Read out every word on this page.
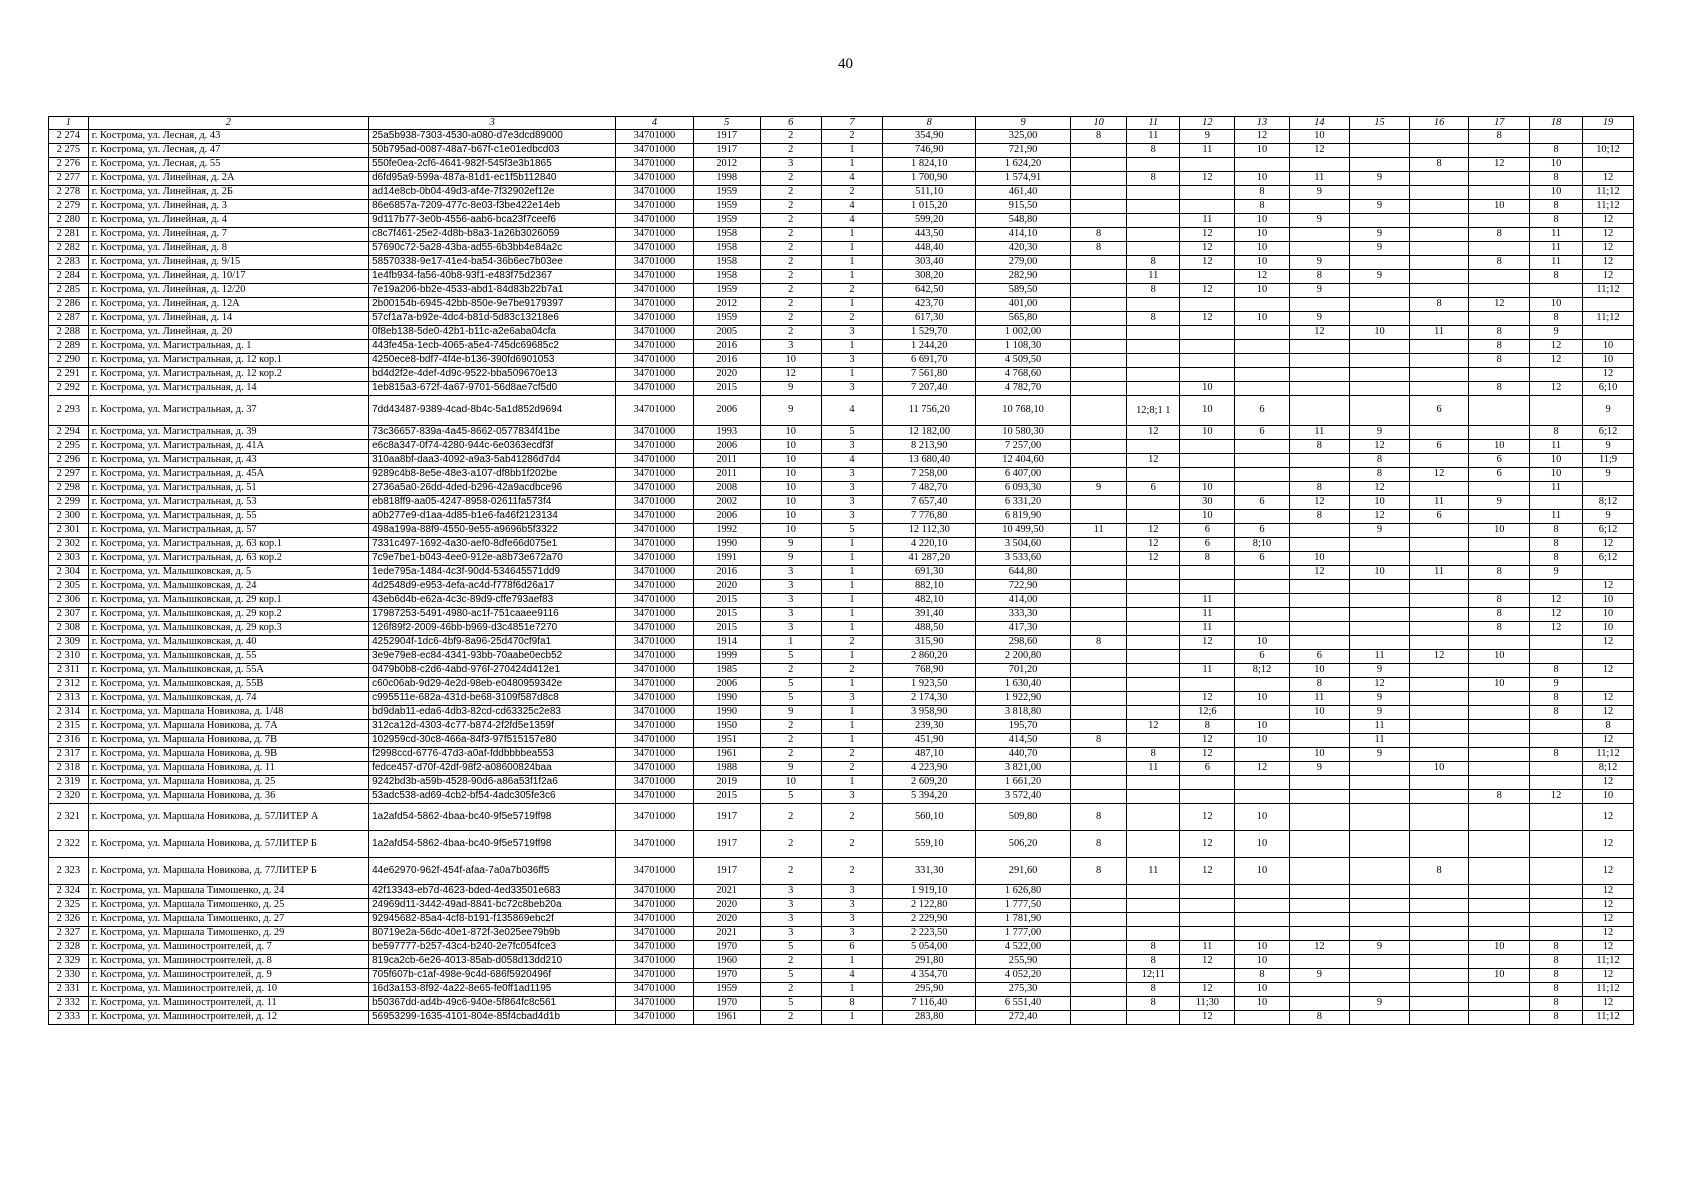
40
1	2	3	4	5	6	7	8	9	10	11	12	13	14	15	16	17	18	19
2 274	г. Кострома, ул. Лесная, д. 43	25a5b938-7303-4530-a080-d7e3dcd89000	34701000	1917	2	2	354,90	325,00	8	11	9	12	10			8		
2 275	г. Кострома, ул. Лесная, д. 47	50b795ad-0087-48a7-b67f-c1e01edbcd03	34701000	1917	2	1	746,90	721,90		8	11	10	12				8	10;12
2 276	г. Кострома, ул. Лесная, д. 55	550fe0ea-2cf6-4641-982f-545f3e3b1865	34701000	2012	3	1	1 824,10	1 624,20							8	12	10	
2 277	г. Кострома, ул. Линейная, д. 2А	d6fd95a9-599a-487a-81d1-ec1f5b112840	34701000	1998	2	4	1 700,90	1 574,91		8	12	10	11	9			8	12
2 278	г. Кострома, ул. Линейная, д. 2Б	ad14e8cb-0b04-49d3-af4e-7f32902ef12e	34701000	1959	2	2	511,10	461,40				8	9				10	11;12
2 279	г. Кострома, ул. Линейная, д. 3	86e6857a-7209-477c-8e03-f3be422e14eb	34701000	1959	2	4	1 015,20	915,50				8		9		10	8	11;12
2 280	г. Кострома, ул. Линейная, д. 4	9d117b77-3e0b-4556-aab6-bca23f7ceef6	34701000	1959	2	4	599,20	548,80			11	10	9				8	12
2 281	г. Кострома, ул. Линейная, д. 7	c8c7f461-25e2-4d8b-b8a3-1a26b3026059	34701000	1958	2	1	443,50	414,10	8		12	10		9		8	11	12
2 282	г. Кострома, ул. Линейная, д. 8	57690c72-5a28-43ba-ad55-6b3bb4e84a2c	34701000	1958	2	1	448,40	420,30	8		12	10		9			11	12
2 283	г. Кострома, ул. Линейная, д. 9/15	58570338-9e17-41e4-ba54-36b6ec7b03ee	34701000	1958	2	1	303,40	279,00		8	12	10	9			8	11	12
2 284	г. Кострома, ул. Линейная, д. 10/17	1e4fb934-fa56-40b8-93f1-e483f75d2367	34701000	1958	2	1	308,20	282,90		11		12	8	9			8	12
2 285	г. Кострома, ул. Линейная, д. 12/20	7e19a206-bb2e-4533-abd1-84d83b22b7a1	34701000	1959	2	2	642,50	589,50		8	12	10	9					11;12
2 286	г. Кострома, ул. Линейная, д. 12А	2b00154b-6945-42bb-850e-9e7be9179397	34701000	2012	2	1	423,70	401,00							8	12	10	
2 287	г. Кострома, ул. Линейная, д. 14	57cf1a7a-b92e-4dc4-b81d-5d83c13218e6	34701000	1959	2	2	617,30	565,80		8	12	10	9				8	11;12
2 288	г. Кострома, ул. Линейная, д. 20	0f8eb138-5de0-42b1-b11c-a2e6aba04cfa	34701000	2005	2	3	1 529,70	1 002,00					12	10	11	8	9	
2 289	г. Кострома, ул. Магистральная, д. 1	443fe45a-1ecb-4065-a5e4-745dc69685c2	34701000	2016	3	1	1 244,20	1 108,30								8	12	10
2 290	г. Кострома, ул. Магистральная, д. 12 кор.1	4250ece8-bdf7-4f4e-b136-390fd6901053	34701000	2016	10	3	6 691,70	4 509,50								8	12	10
2 291	г. Кострома, ул. Магистральная, д. 12 кор.2	bd4d2f2e-4def-4d9c-9522-bba509670e13	34701000	2020	12	1	7 561,80	4 768,60										12
2 292	г. Кострома, ул. Магистральная, д. 14	1eb815a3-672f-4a67-9701-56d8ae7cf5d0	34701000	2015	9	3	7 207,40	4 782,70			10					8	12	6;10
2 293	г. Кострома, ул. Магистральная, д. 37	7dd43487-9389-4cad-8b4c-5a1d852d9694	34701000	2006	9	4	11 756,20	10 768,10		12;8;1 1	10	6			6			9
2 294	г. Кострома, ул. Магистральная, д. 39	73c36657-839a-4a45-8662-0577834f41be	34701000	1993	10	5	12 182,00	10 580,30		12	10	6	11	9			8	6;12
2 295	г. Кострома, ул. Магистральная, д. 41А	e6c8a347-0f74-4280-944c-6e0363ecdf3f	34701000	2006	10	3	8 213,90	7 257,00					8	12	6	10	11	9
2 296	г. Кострома, ул. Магистральная, д. 43	310aa8bf-daa3-4092-a9a3-5ab41286d7d4	34701000	2011	10	4	13 680,40	12 404,60		12				8		6	10	11;9
2 297	г. Кострома, ул. Магистральная, д. 45А	9289c4b8-8e5e-48e3-a107-df8bb1f202be	34701000	2011	10	3	7 258,00	6 407,00						8	12	6	10	9
2 298	г. Кострома, ул. Магистральная, д. 51	2736a5a0-26dd-4ded-b296-42a9acdbce96	34701000	2008	10	3	7 482,70	6 093,30	9	6	10		8	12			11	
2 299	г. Кострома, ул. Магистральная, д. 53	eb818ff9-aa05-4247-8958-02611fa573f4	34701000	2002	10	3	7 657,40	6 331,20			30	6	12	10	11	9		8;12
2 300	г. Кострома, ул. Магистральная, д. 55	a0b277e9-d1aa-4d85-b1e6-fa46f2123134	34701000	2006	10	3	7 776,80	6 819,90			10		8	12	6		11	9
2 301	г. Кострома, ул. Магистральная, д. 57	498a199a-88f9-4550-9e55-a9696b5f3322	34701000	1992	10	5	12 112,30	10 499,50	11	12	6	6		9		10	8	6;12
2 302	г. Кострома, ул. Магистральная, д. 63 кор.1	7331c497-1692-4a30-aef0-8dfe66d075e1	34701000	1990	9	1	4 220,10	3 504,60		12	6	8;10					8	12
2 303	г. Кострома, ул. Магистральная, д. 63 кор.2	7c9e7be1-b043-4ee0-912e-a8b73e672a70	34701000	1991	9	1	41 287,20	3 533,60		12	8	6	10				8	6;12
2 304	г. Кострома, ул. Малышковская, д. 5	1ede795a-1484-4c3f-90d4-534645571dd9	34701000	2016	3	1	691,30	644,80					12	10	11	8	9	
2 305	г. Кострома, ул. Малышковская, д. 24	4d2548d9-e953-4efa-ac4d-f778f6d26a17	34701000	2020	3	1	882,10	722,90										12
2 306	г. Кострома, ул. Малышковская, д. 29 кор.1	43eb6d4b-e62a-4c3c-89d9-cffe793aef83	34701000	2015	3	1	482,10	414,00			11					8	12	10
2 307	г. Кострома, ул. Малышковская, д. 29 кор.2	17987253-5491-4980-ac1f-751caaee9116	34701000	2015	3	1	391,40	333,30			11					8	12	10
2 308	г. Кострома, ул. Малышковская, д. 29 кор.3	126f89f2-2009-46bb-b969-d3c4851e7270	34701000	2015	3	1	488,50	417,30			11					8	12	10
2 309	г. Кострома, ул. Малышковская, д. 40	4252904f-1dc6-4bf9-8a96-25d470cf9fa1	34701000	1914	1	2	315,90	298,60	8		12	10						12
2 310	г. Кострома, ул. Малышковская, д. 55	3e9e79e8-ec84-4341-93bb-70aabe0ecb52	34701000	1999	5	1	2 860,20	2 200,80				6	6	11	12	10		
2 311	г. Кострома, ул. Малышковская, д. 55А	0479b0b8-c2d6-4abd-976f-270424d412e1	34701000	1985	2	2	768,90	701,20			11	8;12	10	9			8	12
2 312	г. Кострома, ул. Малышковская, д. 55В	c60c06ab-9d29-4e2d-98eb-e0480959342e	34701000	2006	5	1	1 923,50	1 630,40					8	12		10	9	
2 313	г. Кострома, ул. Малышковская, д. 74	c995511e-682a-431d-be68-3109f587d8c8	34701000	1990	5	3	2 174,30	1 922,90			12	10	11	9			8	12
2 314	г. Кострома, ул. Маршала Новикова, д. 1/48	bd9dab11-eda6-4db3-82cd-cd63325c2e83	34701000	1990	9	1	3 958,90	3 818,80			12;6		10	9			8	12
2 315	г. Кострома, ул. Маршала Новикова, д. 7А	312ca12d-4303-4c77-b874-2f2fd5e1359f	34701000	1950	2	1	239,30	195,70		12	8	10		11				8
2 316	г. Кострома, ул. Маршала Новикова, д. 7В	102959cd-30c8-466a-84f3-97f515157e80	34701000	1951	2	1	451,90	414,50	8		12	10		11				12
2 317	г. Кострома, ул. Маршала Новикова, д. 9В	f2998ccd-6776-47d3-a0af-fddbbbbea553	34701000	1961	2	2	487,10	440,70		8	12		10	9			8	11;12
2 318	г. Кострома, ул. Маршала Новикова, д. 11	fedce457-d70f-42df-98f2-a08600824baa	34701000	1988	9	2	4 223,90	3 821,00		11	6	12	9		10			8;12
2 319	г. Кострома, ул. Маршала Новикова, д. 25	9242bd3b-a59b-4528-90d6-a86a53f1f2a6	34701000	2019	10	1	2 609,20	1 661,20										12
2 320	г. Кострома, ул. Маршала Новикова, д. 36	53adc538-ad69-4cb2-bf54-4adc305fe3c6	34701000	2015	5	3	5 394,20	3 572,40								8	12	10
2 321	г. Кострома, ул. Маршала Новикова, д. 57ЛИТЕР А	1a2afd54-5862-4baa-bc40-9f5e5719ff98	34701000	1917	2	2	560,10	509,80	8		12	10						12
2 322	г. Кострома, ул. Маршала Новикова, д. 57ЛИТЕР Б	1a2afd54-5862-4baa-bc40-9f5e5719ff98	34701000	1917	2	2	559,10	506,20	8		12	10						12
2 323	г. Кострома, ул. Маршала Новикова, д. 77ЛИТЕР Б	44e62970-962f-454f-afaa-7a0a7b036ff5	34701000	1917	2	2	331,30	291,60	8	11	12	10			8			12
2 324	г. Кострома, ул. Маршала Тимошенко, д. 24	42f13343-eb7d-4623-bded-4ed33501e683	34701000	2021	3	3	1 919,10	1 626,80										12
2 325	г. Кострома, ул. Маршала Тимошенко, д. 25	24969d11-3442-49ad-8841-bc72c8beb20a	34701000	2020	3	3	2 122,80	1 777,50										12
2 326	г. Кострома, ул. Маршала Тимошенко, д. 27	92945682-85a4-4cf8-b191-f135869ebc2f	34701000	2020	3	3	2 229,90	1 781,90										12
2 327	г. Кострома, ул. Маршала Тимошенко, д. 29	80719e2a-56dc-40e1-872f-3e025ee79b9b	34701000	2021	3	3	2 223,50	1 777,00										12
2 328	г. Кострома, ул. Машиностроителей, д. 7	be597777-b257-43c4-b240-2e7fc054fce3	34701000	1970	5	6	5 054,00	4 522,00		8	11	10	12	9		10	8	12
2 329	г. Кострома, ул. Машиностроителей, д. 8	819ca2cb-6e26-4013-85ab-d058d13dd210	34701000	1960	2	1	291,80	255,90		8	12	10					8	11;12
2 330	г. Кострома, ул. Машиностроителей, д. 9	705f607b-c1af-498e-9c4d-686f5920496f	34701000	1970	5	4	4 354,70	4 052,20		12;11		8	9			10	8	12
2 331	г. Кострома, ул. Машиностроителей, д. 10	16d3a153-8f92-4a22-8e65-fe0ff1ad1195	34701000	1959	2	1	295,90	275,30		8	12	10					8	11;12
2 332	г. Кострома, ул. Машиностроителей, д. 11	b50367dd-ad4b-49c6-940e-5f864fc8c561	34701000	1970	5	8	7 116,40	6 551,40		8	11;30	10		9			8	12
2 333	г. Кострома, ул. Машиностроителей, д. 12	56953299-1635-4101-804e-85f4cbad4d1b	34701000	1961	2	1	283,80	272,40			12		8				8	11;12
